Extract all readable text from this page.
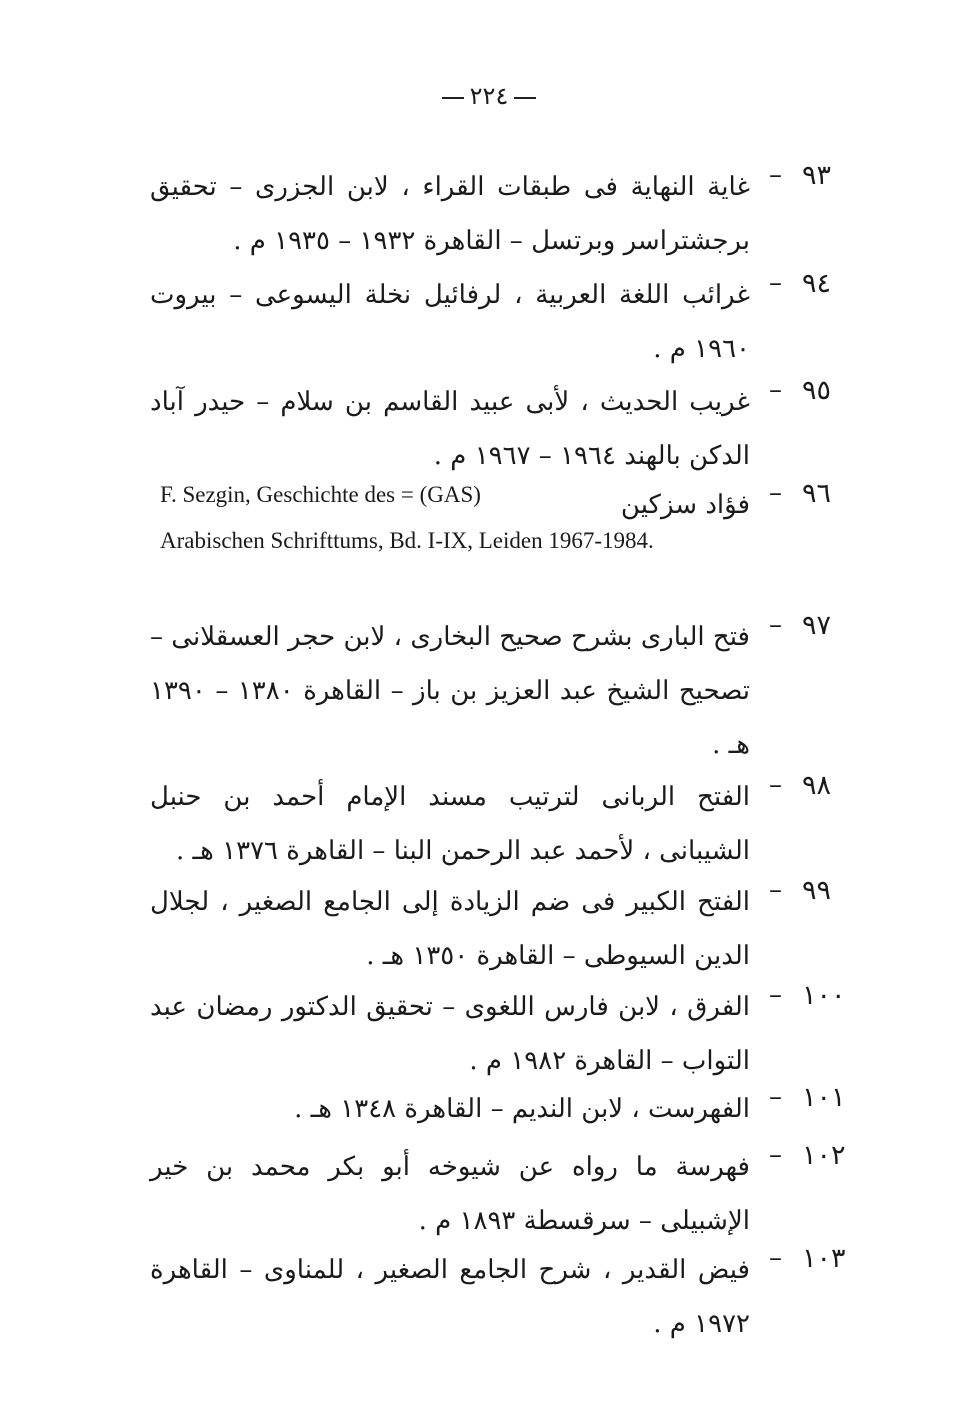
٢٢٤
٩٣
–
غاية النهاية فى طبقات القراء ، لابن الجزرى – تحقيق برجشتراسر وبرتسل – القاهرة ١٩٣٢ – ١٩٣٥ م .
٩٤
–
غرائب اللغة العربية ، لرفائيل نخلة اليسوعى – بيروت ١٩٦٠ م .
٩٥
–
غريب الحديث ، لأبى عبيد القاسم بن سلام – حيدر آباد الدكن بالهند ١٩٦٤ – ١٩٦٧ م .
٩٦
–
فؤاد سزكين
F. Sezgin, Geschichte des = (GAS)
Arabischen Schrifttums, Bd. I-IX, Leiden 1967-1984.
٩٧
–
فتح البارى بشرح صحيح البخارى ، لابن حجر العسقلانى – تصحيح الشيخ عبد العزيز بن باز – القاهرة ١٣٨٠ – ١٣٩٠ هـ .
٩٨
–
الفتح الربانى لترتيب مسند الإمام أحمد بن حنبل الشيبانى ، لأحمد عبد الرحمن البنا – القاهرة ١٣٧٦ هـ .
٩٩
–
الفتح الكبير فى ضم الزيادة إلى الجامع الصغير ، لجلال الدين السيوطى – القاهرة ١٣٥٠ هـ .
١٠٠
–
الفرق ، لابن فارس اللغوى – تحقيق الدكتور رمضان عبد التواب – القاهرة ١٩٨٢ م .
١٠١
–
الفهرست ، لابن النديم – القاهرة ١٣٤٨ هـ .
١٠٢
–
فهرسة ما رواه عن شيوخه أبو بكر محمد بن خير الإشبيلى – سرقسطة ١٨٩٣ م .
١٠٣
–
فيض القدير ، شرح الجامع الصغير ، للمناوى – القاهرة ١٩٧٢ م .
